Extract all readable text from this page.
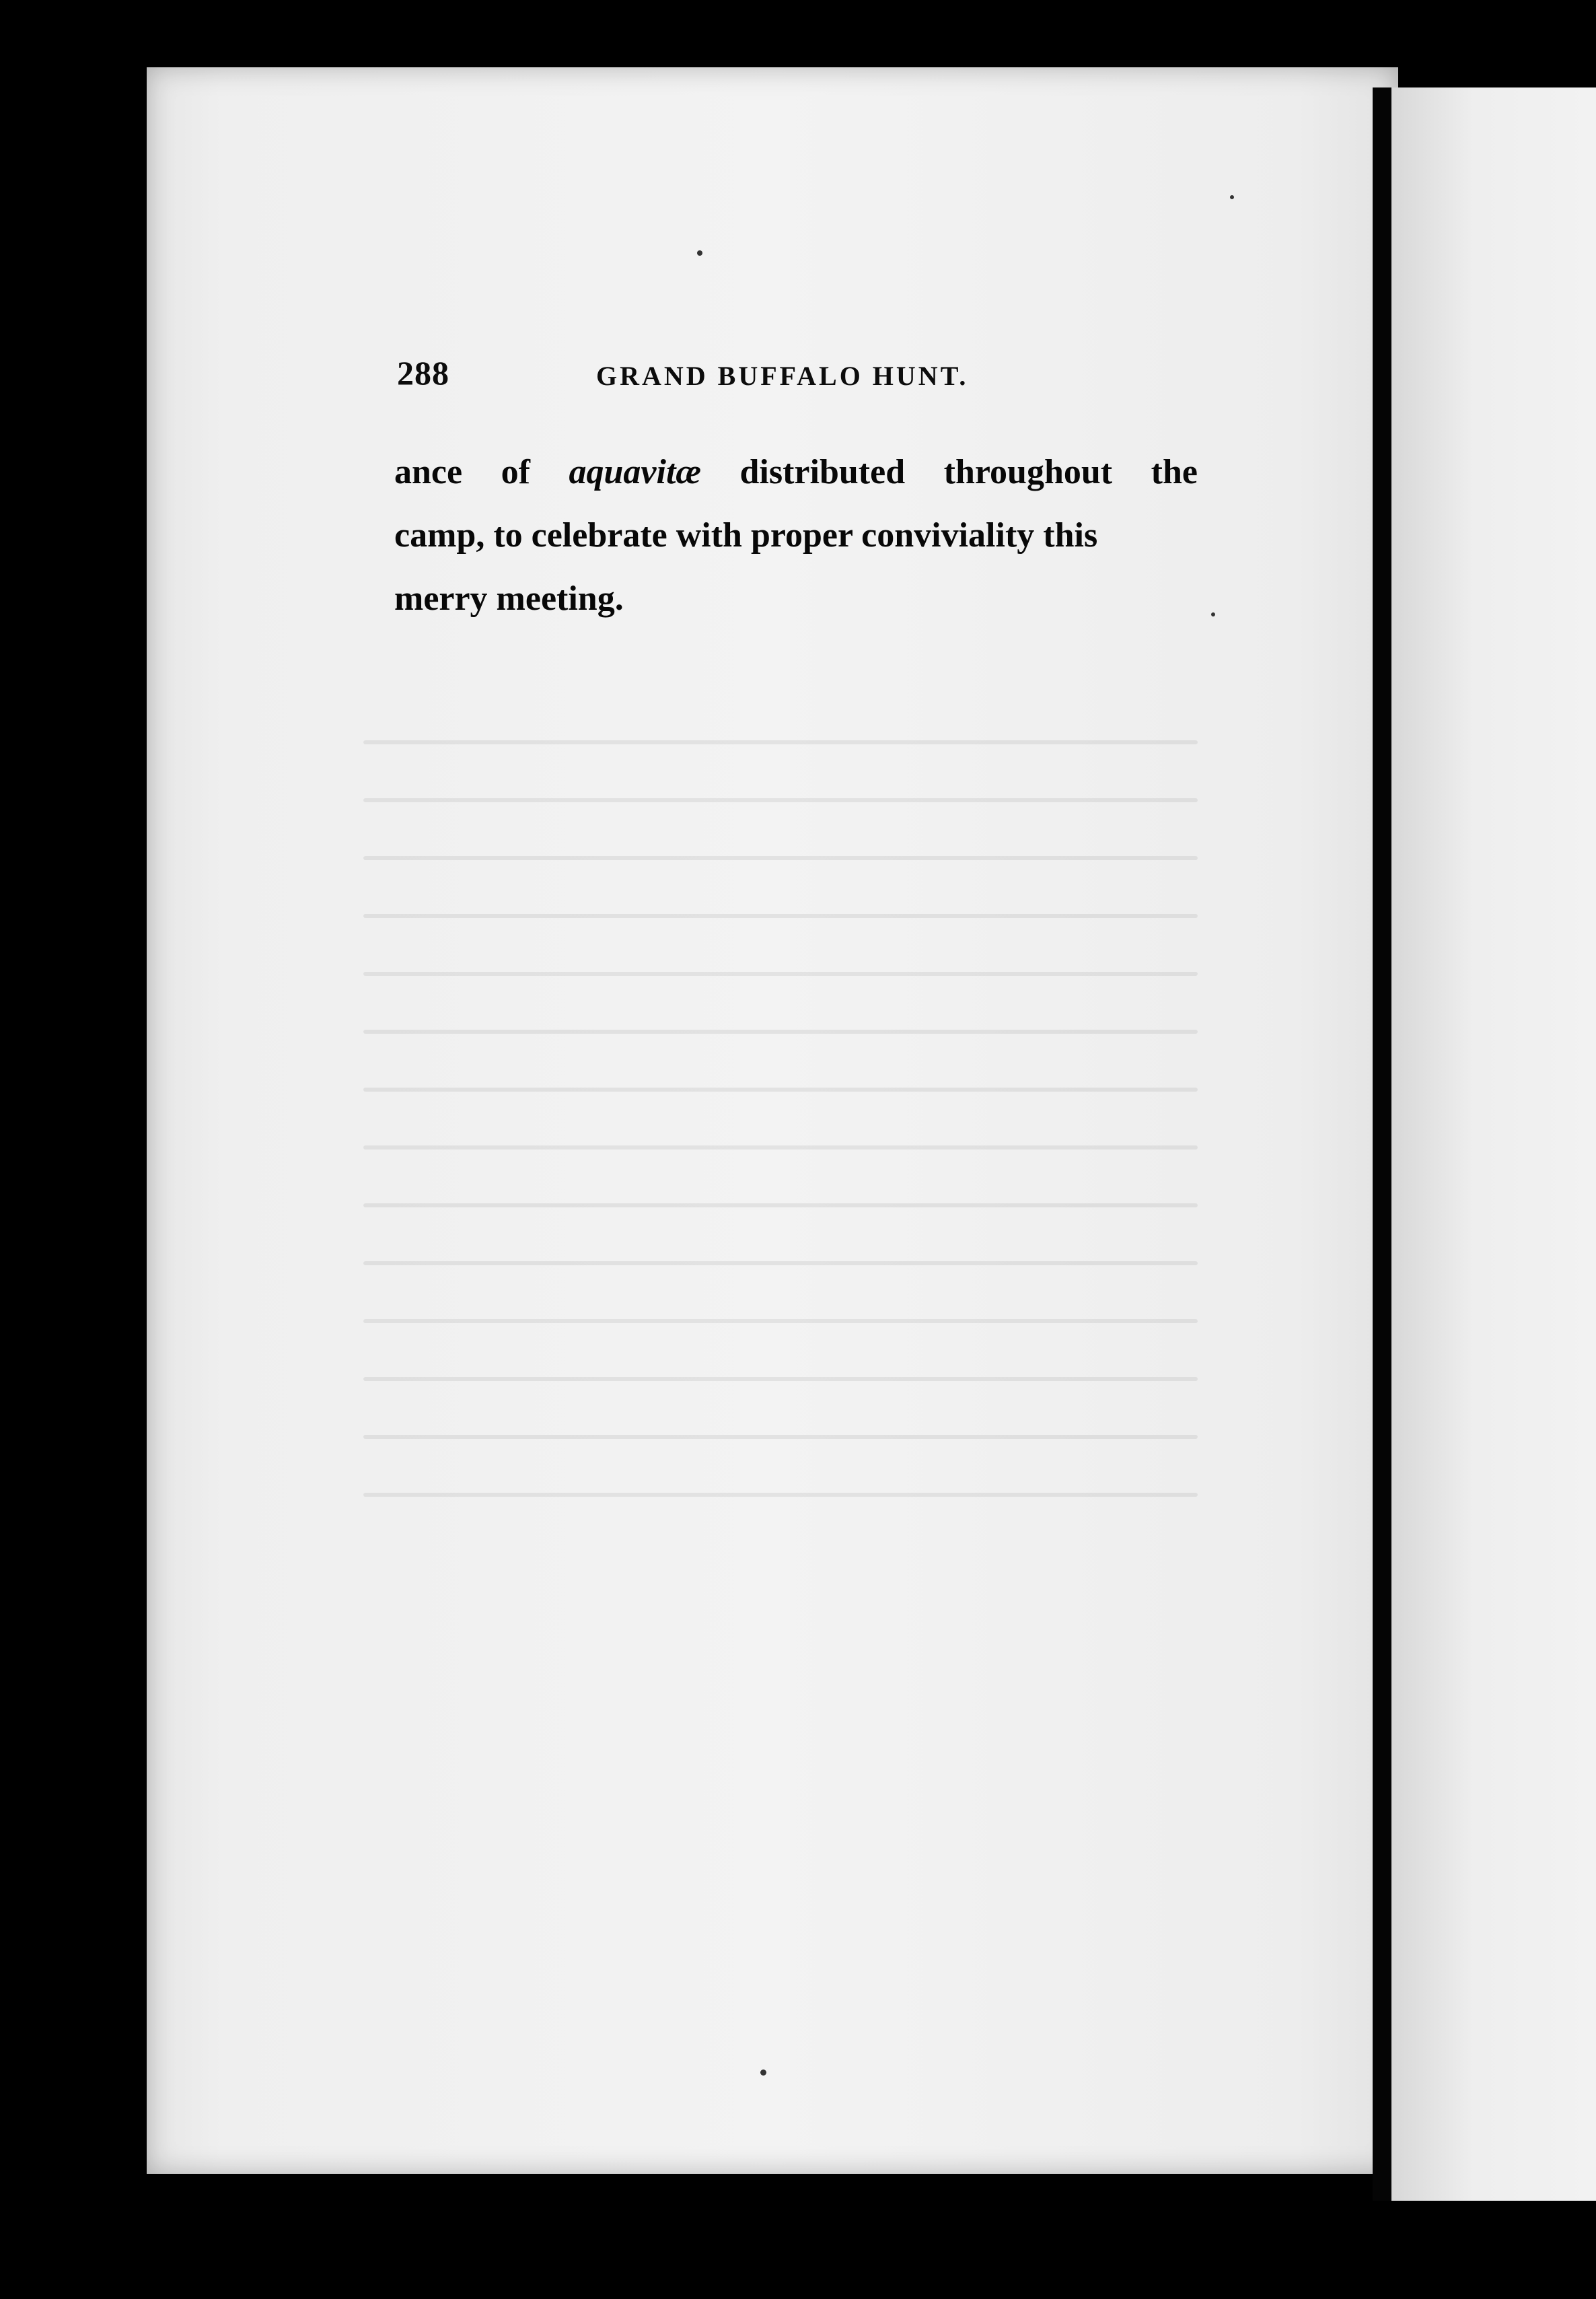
288	GRAND BUFFALO HUNT.
ance of aquavitæ distributed throughout the
camp, to celebrate with proper conviviality this
merry meeting.
